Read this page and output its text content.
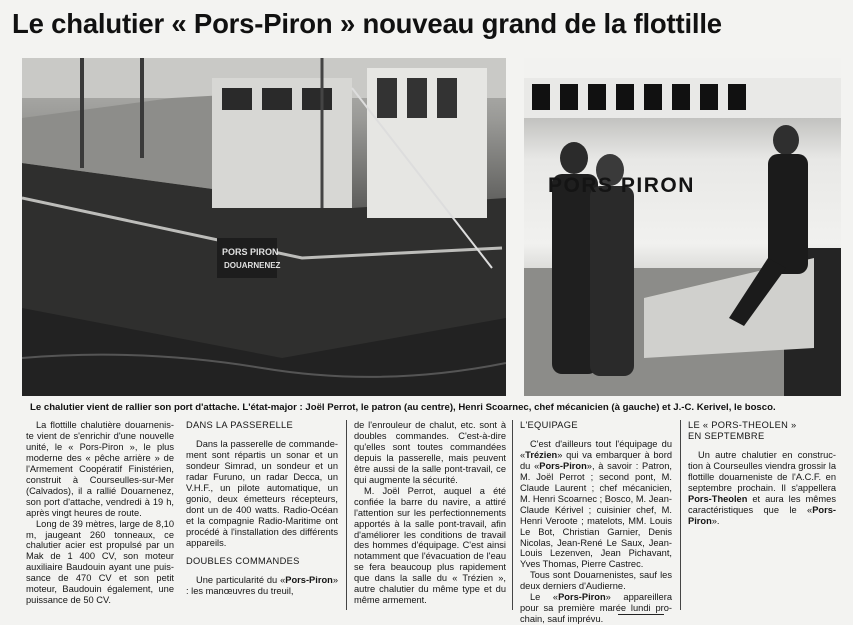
Le chalutier « Pors-Piron » nouveau grand de la flottille
PORS PIRON
DOUARNENEZ
PORS PIRON
Le chalutier vient de rallier son port d'attache. L'état-major : Joël Perrot, le patron (au centre), Henri Scoarnec, chef mécanicien (à gauche) et J.-C. Kerivel, le bosco.

La flottille chalutière douarneniste vient de s'enrichir d'une nouvelle unité, le « Pors-Piron », le plus moderne des « pêche arrière » de l'Armement Coopératif Finistérien, construit à Courseulles-sur-Mer (Calvados), il a rallié Douarnenez, son port d'attache, vendredi à 19 h, après vingt heures de route.

Long de 39 mètres, large de 8,10 m, jaugeant 260 tonneaux, ce chalutier acier est propulsé par un Mak de 1 400 CV, son moteur auxiliaire Baudouin ayant une puissance de 470 CV et son petit moteur, Baudouin également, une puissance de 50 CV.

DANS LA PASSERELLE

Dans la passerelle de commandement sont répartis un sonar et un sondeur Simrad, un sondeur et un radar Furuno, un radar Decca, un V.H.F., un pilote automatique, un gonio, deux émetteurs récepteurs, dont un de 400 watts. Radio-Océan et la compagnie Radio-Maritime ont procédé à l'installation des différents appareils.

DOUBLES COMMANDES

Une particularité du «Pors-Piron» : les manœuvres du treuil,

de l'enrouleur de chalut, etc. sont à doubles commandes. C'est-à-dire qu'elles sont toutes commandées depuis la passerelle, mais peuvent être aussi de la salle pont-travail, ce qui augmente la sécurité.

M. Joël Perrot, auquel a été confiée la barre du navire, a attiré l'attention sur les perfectionnements apportés à la salle pont-travail, afin d'améliorer les conditions de travail des hommes d'équipage. C'est ainsi notamment que l'évacuation de l'eau se fera beaucoup plus rapidement que dans la salle du « Trézien », autre chalutier du même type et du même armement.

L'EQUIPAGE

C'est d'ailleurs tout l'équipage du «Trézien» qui va embarquer à bord du «Pors-Piron», à savoir : Patron, M. Joël Perrot ; second pont, M. Claude Laurent ; chef mécanicien, M. Henri Scoarnec ; Bosco, M. Jean-Claude Kérivel ; cuisinier chef, M. Henri Veroote ; matelots, MM. Louis Le Bot, Christian Garnier, Denis Nicolas, Jean-René Le Saux, Jean-Louis Lezenven, Jean Pichavant, Yves Thomas, Pierre Castrec.

Tous sont Douarnenistes, sauf les deux derniers d'Audierne.

Le «Pors-Piron» appareillera pour sa première marée lundi prochain, sauf imprévu.

LE « PORS-THEOLEN »

EN SEPTEMBRE

Un autre chalutier en construction à Courseulles viendra grossir la flottille douarneniste de l'A.C.F. en septembre prochain. Il s'appellera Pors-Theolen et aura les mêmes caractéristiques que le «Pors-Piron».
